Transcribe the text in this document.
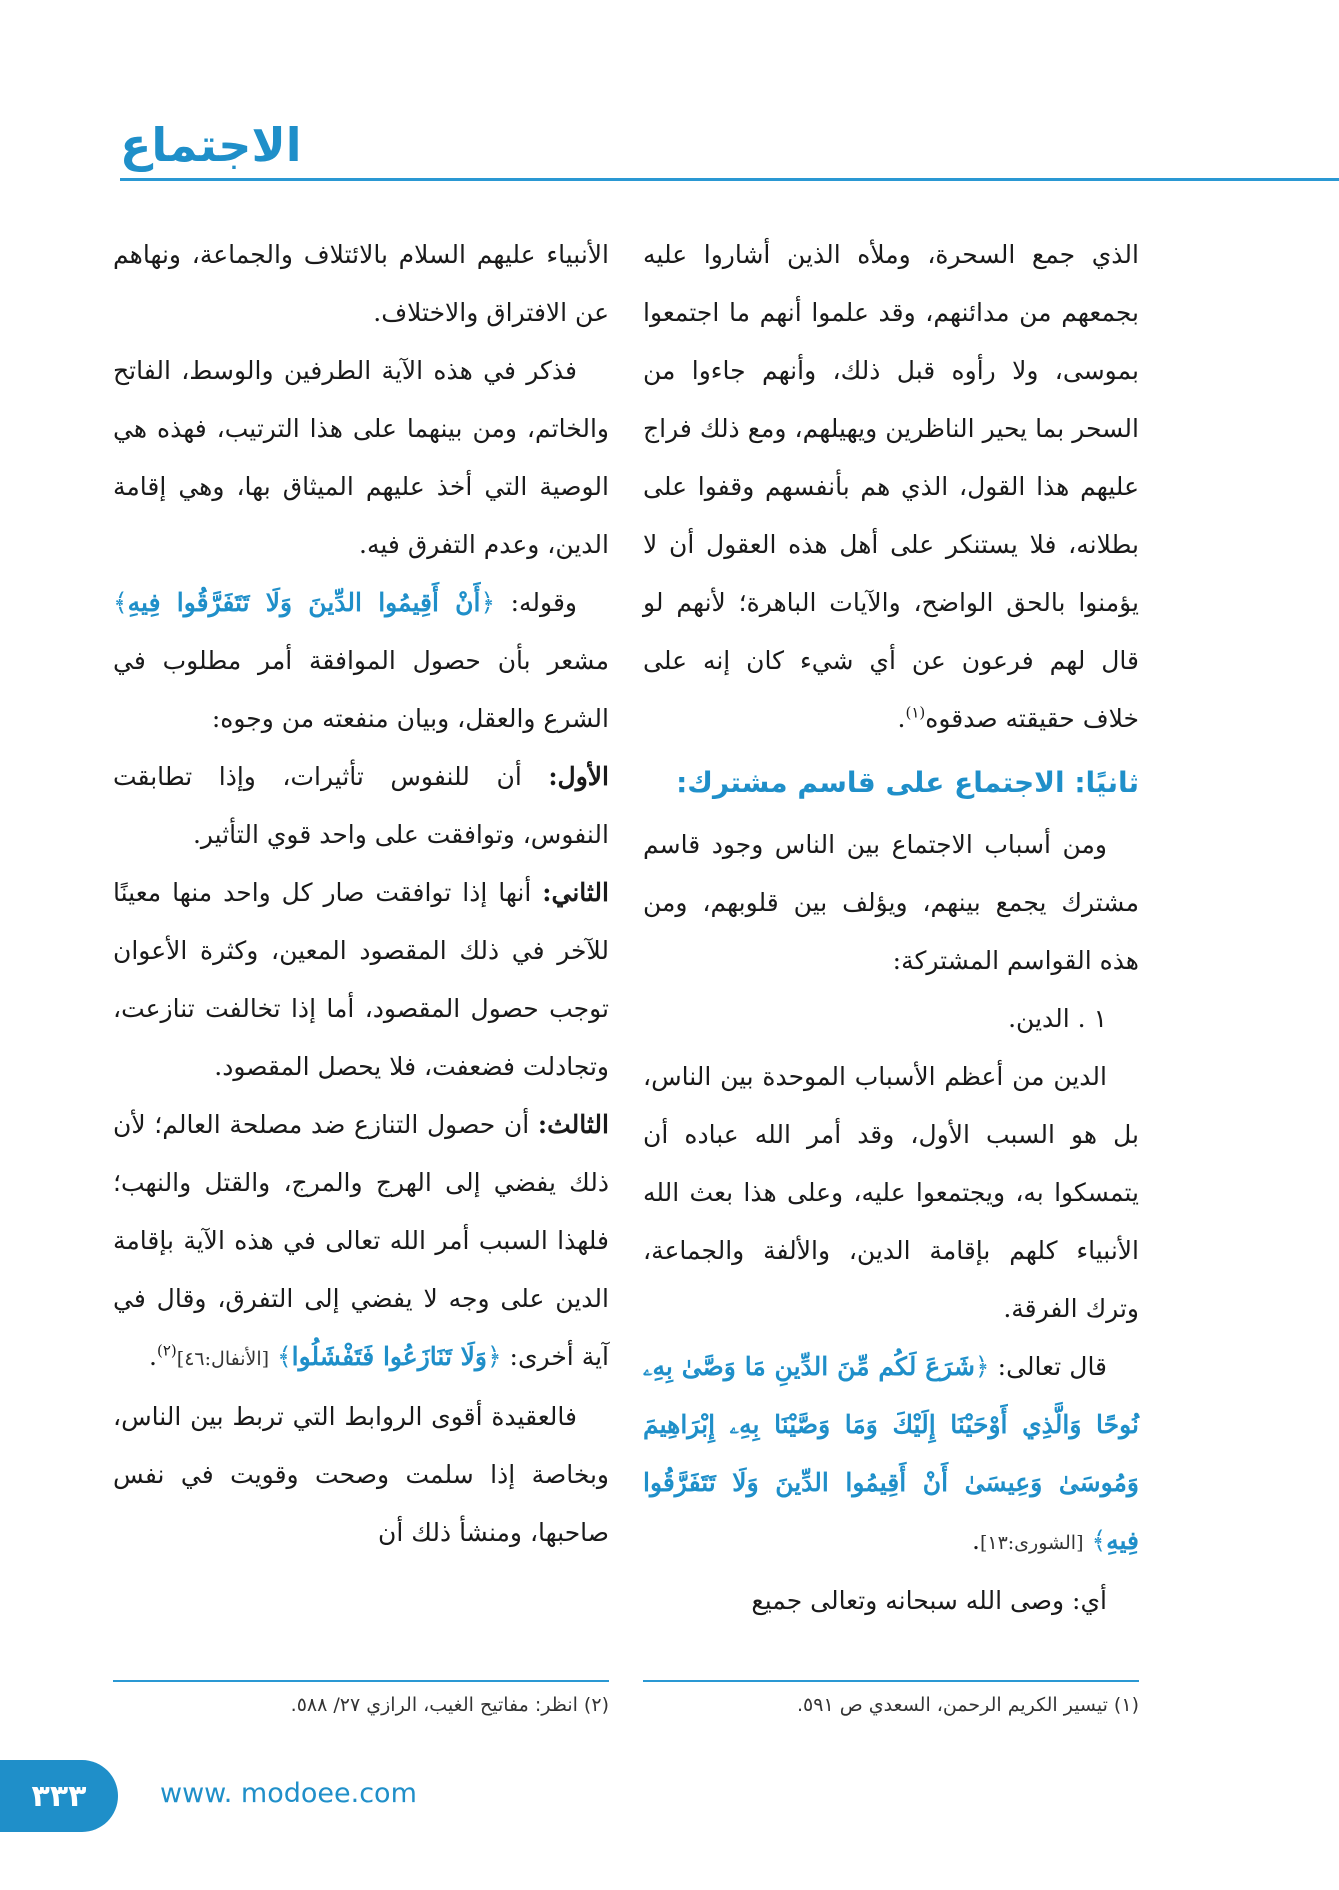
الاجتماع

الذي جمع السحرة، وملأه الذين أشاروا عليه بجمعهم من مدائنهم، وقد علموا أنهم ما اجتمعوا بموسى، ولا رأوه قبل ذلك، وأنهم جاءوا من السحر بما يحير الناظرين ويهيلهم، ومع ذلك فراج عليهم هذا القول، الذي هم بأنفسهم وقفوا على بطلانه، فلا يستنكر على أهل هذه العقول أن لا يؤمنوا بالحق الواضح، والآيات الباهرة؛ لأنهم لو قال لهم فرعون عن أي شيء كان إنه على خلاف حقيقته صدقوه$^{(١)}$.

ثانيًا: الاجتماع على قاسم مشترك:

ومن أسباب الاجتماع بين الناس وجود قاسم مشترك يجمع بينهم، ويؤلف بين قلوبهم، ومن هذه القواسم المشتركة:

١ . الدين.

الدين من أعظم الأسباب الموحدة بين الناس، بل هو السبب الأول، وقد أمر الله عباده أن يتمسكوا به، ويجتمعوا عليه، وعلى هذا بعث الله الأنبياء كلهم بإقامة الدين، والألفة والجماعة، وترك الفرقة.

قال تعالى: ﴿شَرَعَ لَكُم مِّنَ الدِّينِ مَا وَصَّىٰ بِهِۦ نُوحًا وَالَّذِي أَوْحَيْنَا إِلَيْكَ وَمَا وَصَّيْنَا بِهِۦ إِبْرَاهِيمَ وَمُوسَىٰ وَعِيسَىٰ أَنْ أَقِيمُوا الدِّينَ وَلَا تَتَفَرَّقُوا فِيهِ﴾ [الشورى:١٣].

أي: وصى الله سبحانه وتعالى جميع

الأنبياء عليهم السلام بالائتلاف والجماعة، ونهاهم عن الافتراق والاختلاف.

فذكر في هذه الآية الطرفين والوسط، الفاتح والخاتم، ومن بينهما على هذا الترتيب، فهذه هي الوصية التي أخذ عليهم الميثاق بها، وهي إقامة الدين، وعدم التفرق فيه.

وقوله: ﴿أَنْ أَقِيمُوا الدِّينَ وَلَا تَتَفَرَّقُوا فِيهِ﴾ مشعر بأن حصول الموافقة أمر مطلوب في الشرع والعقل، وبيان منفعته من وجوه:

الأول: أن للنفوس تأثيرات، وإذا تطابقت النفوس، وتوافقت على واحد قوي التأثير.

الثاني: أنها إذا توافقت صار كل واحد منها معينًا للآخر في ذلك المقصود المعين، وكثرة الأعوان توجب حصول المقصود، أما إذا تخالفت تنازعت، وتجادلت فضعفت، فلا يحصل المقصود.

الثالث: أن حصول التنازع ضد مصلحة العالم؛ لأن ذلك يفضي إلى الهرج والمرج، والقتل والنهب؛ فلهذا السبب أمر الله تعالى في هذه الآية بإقامة الدين على وجه لا يفضي إلى التفرق، وقال في آية أخرى: ﴿وَلَا تَنَازَعُوا فَتَفْشَلُوا﴾ [الأنفال:٤٦]$^{(٢)}$.

فالعقيدة أقوى الروابط التي تربط بين الناس، وبخاصة إذا سلمت وصحت وقويت في نفس صاحبها، ومنشأ ذلك أن

(١) تيسير الكريم الرحمن، السعدي ص ٥٩١.
(٢) انظر: مفاتيح الغيب، الرازي ٢٧/ ٥٨٨.
٣٣٣	www. modoee.com
